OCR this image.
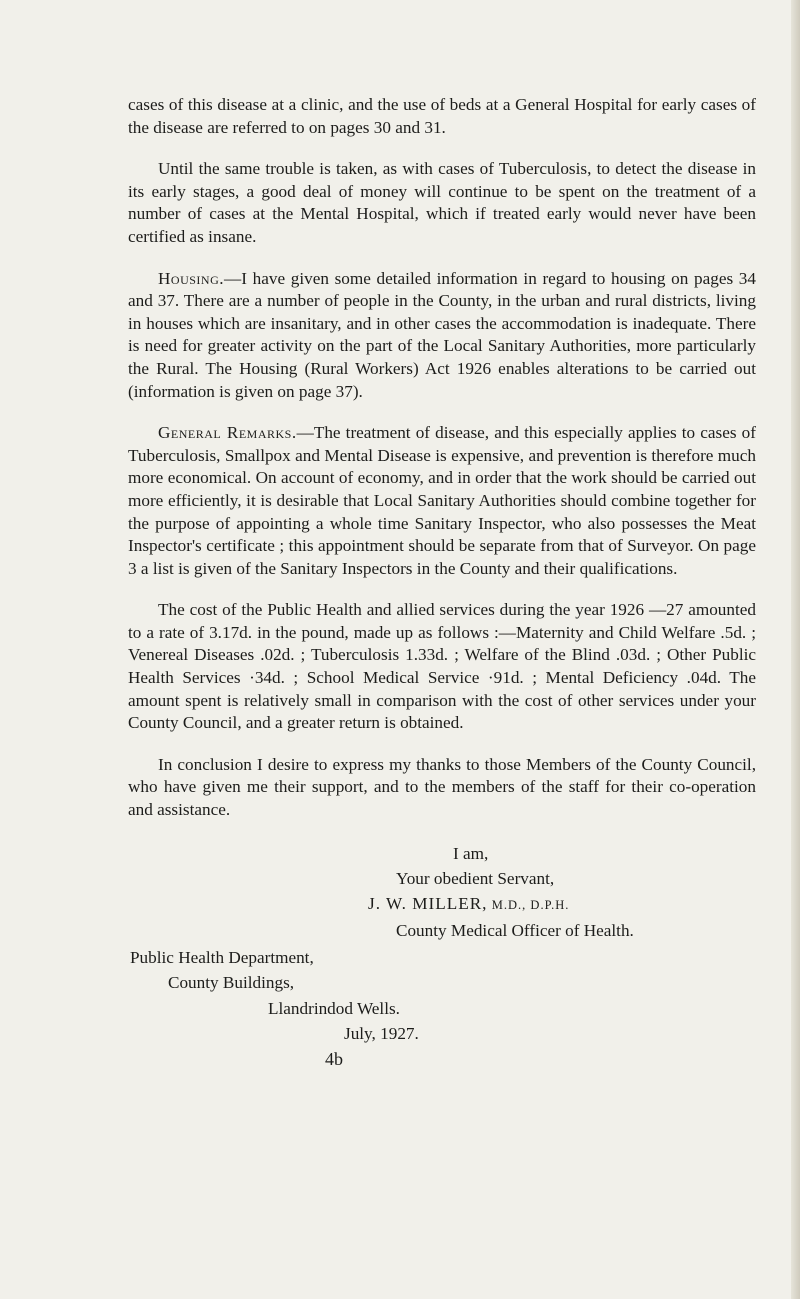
cases of this disease at a clinic, and the use of beds at a General Hospital for early cases of the disease are referred to on pages 30 and 31.

Until the same trouble is taken, as with cases of Tuberculosis, to detect the disease in its early stages, a good deal of money will continue to be spent on the treatment of a number of cases at the Mental Hospital, which if treated early would never have been certified as insane.

Housing.—I have given some detailed information in regard to housing on pages 34 and 37. There are a number of people in the County, in the urban and rural districts, living in houses which are insanitary, and in other cases the accommodation is inadequate. There is need for greater activity on the part of the Local Sanitary Authorities, more particularly the Rural. The Housing (Rural Workers) Act 1926 enables alterations to be carried out (information is given on page 37).

General Remarks.—The treatment of disease, and this especially applies to cases of Tuberculosis, Smallpox and Mental Disease is expensive, and prevention is therefore much more economical. On account of economy, and in order that the work should be carried out more efficiently, it is desirable that Local Sanitary Authorities should combine together for the purpose of appointing a whole time Sanitary Inspector, who also possesses the Meat Inspector's certificate ; this appointment should be separate from that of Surveyor. On page 3 a list is given of the Sanitary Inspectors in the County and their qualifications.

The cost of the Public Health and allied services during the year 1926 —27 amounted to a rate of 3.17d. in the pound, made up as follows :—Maternity and Child Welfare .5d. ; Venereal Diseases .02d. ; Tuberculosis 1.33d. ; Welfare of the Blind .03d. ; Other Public Health Services ·34d. ; School Medical Service ·91d. ; Mental Deficiency .04d. The amount spent is relatively small in comparison with the cost of other services under your County Council, and a greater return is obtained.

In conclusion I desire to express my thanks to those Members of the County Council, who have given me their support, and to the members of the staff for their co-operation and assistance.

I am,
Your obedient Servant,
J. W. MILLER, M.D., D.P.H.
County Medical Officer of Health.
Public Health Department,
County Buildings,
Llandrindod Wells.
July, 1927.
4b
